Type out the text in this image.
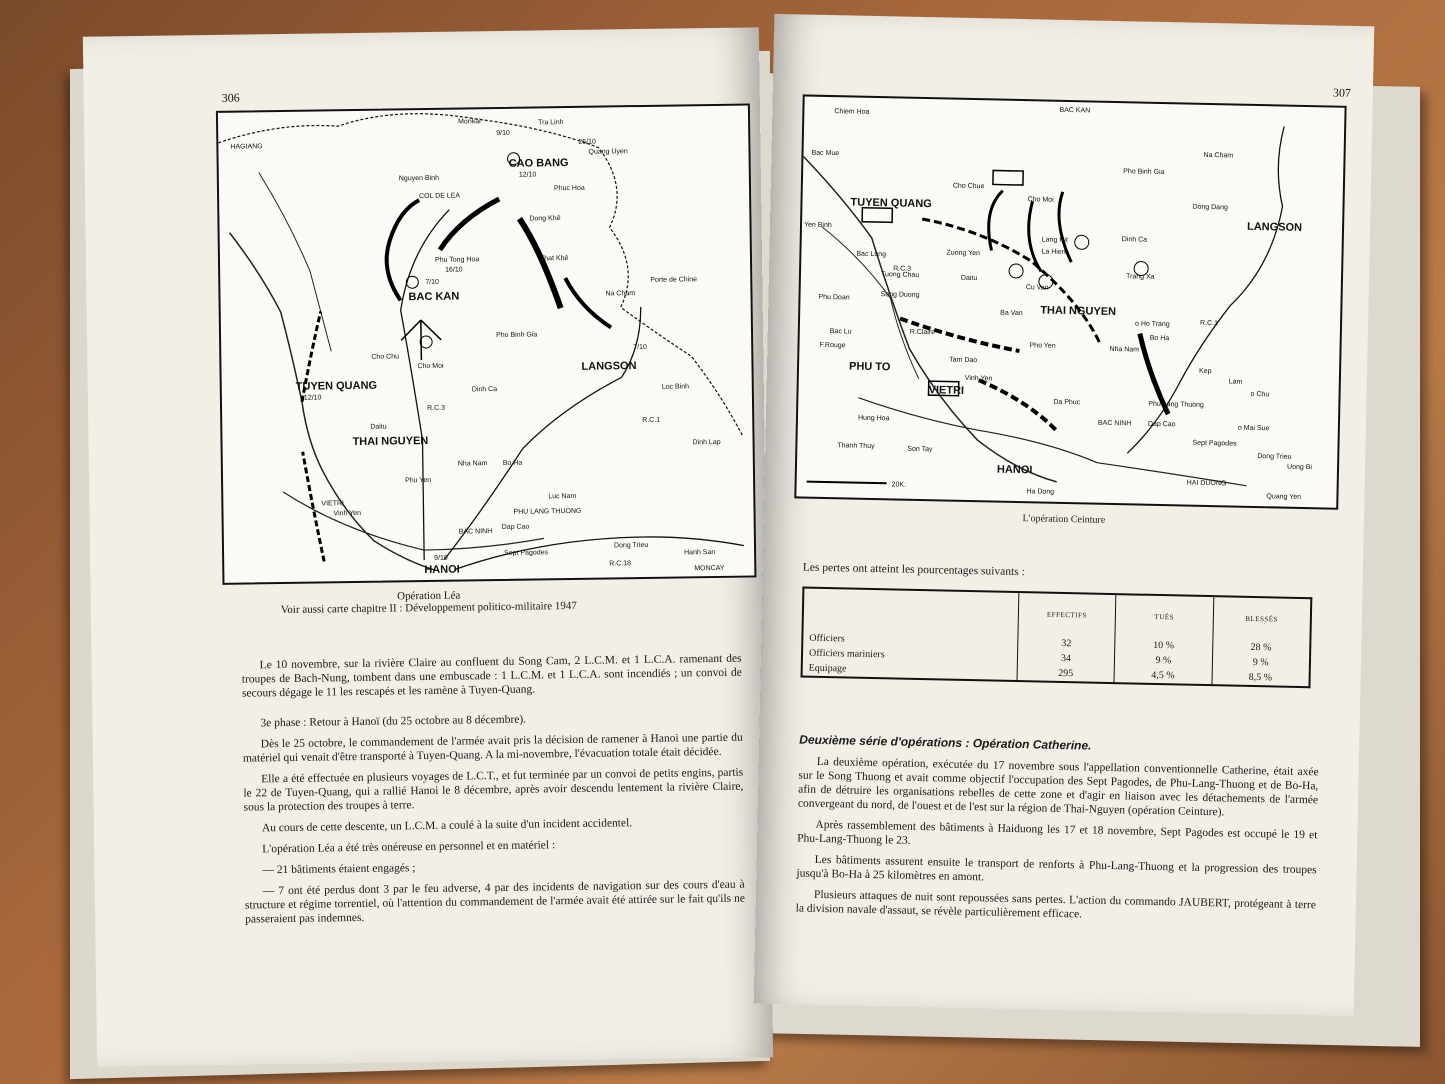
306
HAGIANG
Monkai	Tra Linh
9/10
26/10
Quang Uyen
CAO BANG
12/10
Nguyen Binh
Phuc Hoa
COL DE LEA
Dong Khê
Phu Tong Hoa
16/10
7/10
BAC KAN
That Khê
Porte de Chine
Na Cham
Pho Binh Gia
7/10
LANGSON
Cho Chu
Cho Moi
TUYEN QUANG
12/10
Dinh Ca	Loc Binh
Daitu
THAI NGUYEN	Dinh Lap
Nha Nam Bo Ha
Phu Yen
Luc Nam
PHU LANG THUONG
VIETRI
Vinh Yen
BAC NINH
Dap Cao
Sept Pagodes
Dong Trieu
Hanh San
9/10
HANOI	MONCAY
R.C.3
R.C.1
R.C.18
Opération Léa
Voir aussi carte chapitre II : Développement politico-militaire 1947

Le 10 novembre, sur la rivière Claire au confluent du Song Cam, 2 L.C.M. et 1 L.C.A. ramenant des troupes de Bach-Nung, tombent dans une embuscade : 1 L.C.M. et 1 L.C.A. sont incendiés ; un convoi de secours dégage le 11 les rescapés et les ramène à Tuyen-Quang.

3e phase : Retour à Hanoï (du 25 octobre au 8 décembre).

Dès le 25 octobre, le commandement de l'armée avait pris la décision de ramener à Hanoi une partie du matériel qui venait d'être transporté à Tuyen-Quang. A la mi-novembre, l'évacuation totale était décidée.

Elle a été effectuée en plusieurs voyages de L.C.T., et fut terminée par un convoi de petits engins, partis le 22 de Tuyen-Quang, qui a rallié Hanoi le 8 décembre, après avoir descendu lentement la rivière Claire, sous la protection des troupes à terre.

Au cours de cette descente, un L.C.M. a coulé à la suite d'un incident accidentel.

L'opération Léa a été très onéreuse en personnel et en matériel :

— 21 bâtiments étaient engagés ;

— 7 ont été perdus dont 3 par le feu adverse, 4 par des incidents de navigation sur des cours d'eau à structure et régime torrentiel, où l'attention du commandement de l'armée avait été attirée sur le fait qu'ils ne passeraient pas indemnes.

307
Chiem Hoa	BAC KAN
Bac Mue	Na Cham
Pho Binh Gia
Dong Dang
Cho Chue
Cho Moi
LANGSON
Yen Binh
TUYEN QUANG
Lang Hit
La Hien
Dinh Ca
Bac Lung	Zuong Yen
Trang Xa
Tuong Chau	Daitu
Cu Van
Phu Doan	Song Duong
Ba Van THAI NGUYEN
o Ho Trang
Bac Lu
Pho Yen	Nha Nam
Bo Ha
PHU TO
Tam Dao
Kep
Lam
o Chu
VIETRI
Vinh Yen
Da Phuc	Phu Lang Thuong
o Mai Sue
Hung Hoa
BAC NINH Dap Cao
Sept Pagodes
Thanh Thuy	Son Tay
Dong Trieu
Uong Bi
HANOI
Ha Dong
HAI DUONG
Quang Yen
R.C.3
R.C.1
F.Rouge
R.Claire
20K.
L'opération Ceinture

Les pertes ont atteint les pourcentages suivants :

	EFFECTIFS	TUÉS	BLESSÉS
Officiers	32	10 %	28 %
Officiers mariniers	34	9 %	9 %
Equipage	295	4,5 %	8,5 %
Deuxième série d'opérations : Opération Catherine.

La deuxième opération, exécutée du 17 novembre sous l'appellation conventionnelle Catherine, était axée sur le Song Thuong et avait comme objectif l'occupation des Sept Pagodes, de Phu-Lang-Thuong et de Bo-Ha, afin de détruire les organisations rebelles de cette zone et d'agir en liaison avec les détachements de l'armée convergeant du nord, de l'ouest et de l'est sur la région de Thai-Nguyen (opération Ceinture).

Après rassemblement des bâtiments à Haiduong les 17 et 18 novembre, Sept Pagodes est occupé le 19 et Phu-Lang-Thuong le 23.

Les bâtiments assurent ensuite le transport de renforts à Phu-Lang-Thuong et la progression des troupes jusqu'à Bo-Ha à 25 kilomètres en amont.

Plusieurs attaques de nuit sont repoussées sans pertes. L'action du commando JAUBERT, protégeant à terre la division navale d'assaut, se révèle particulièrement efficace.
